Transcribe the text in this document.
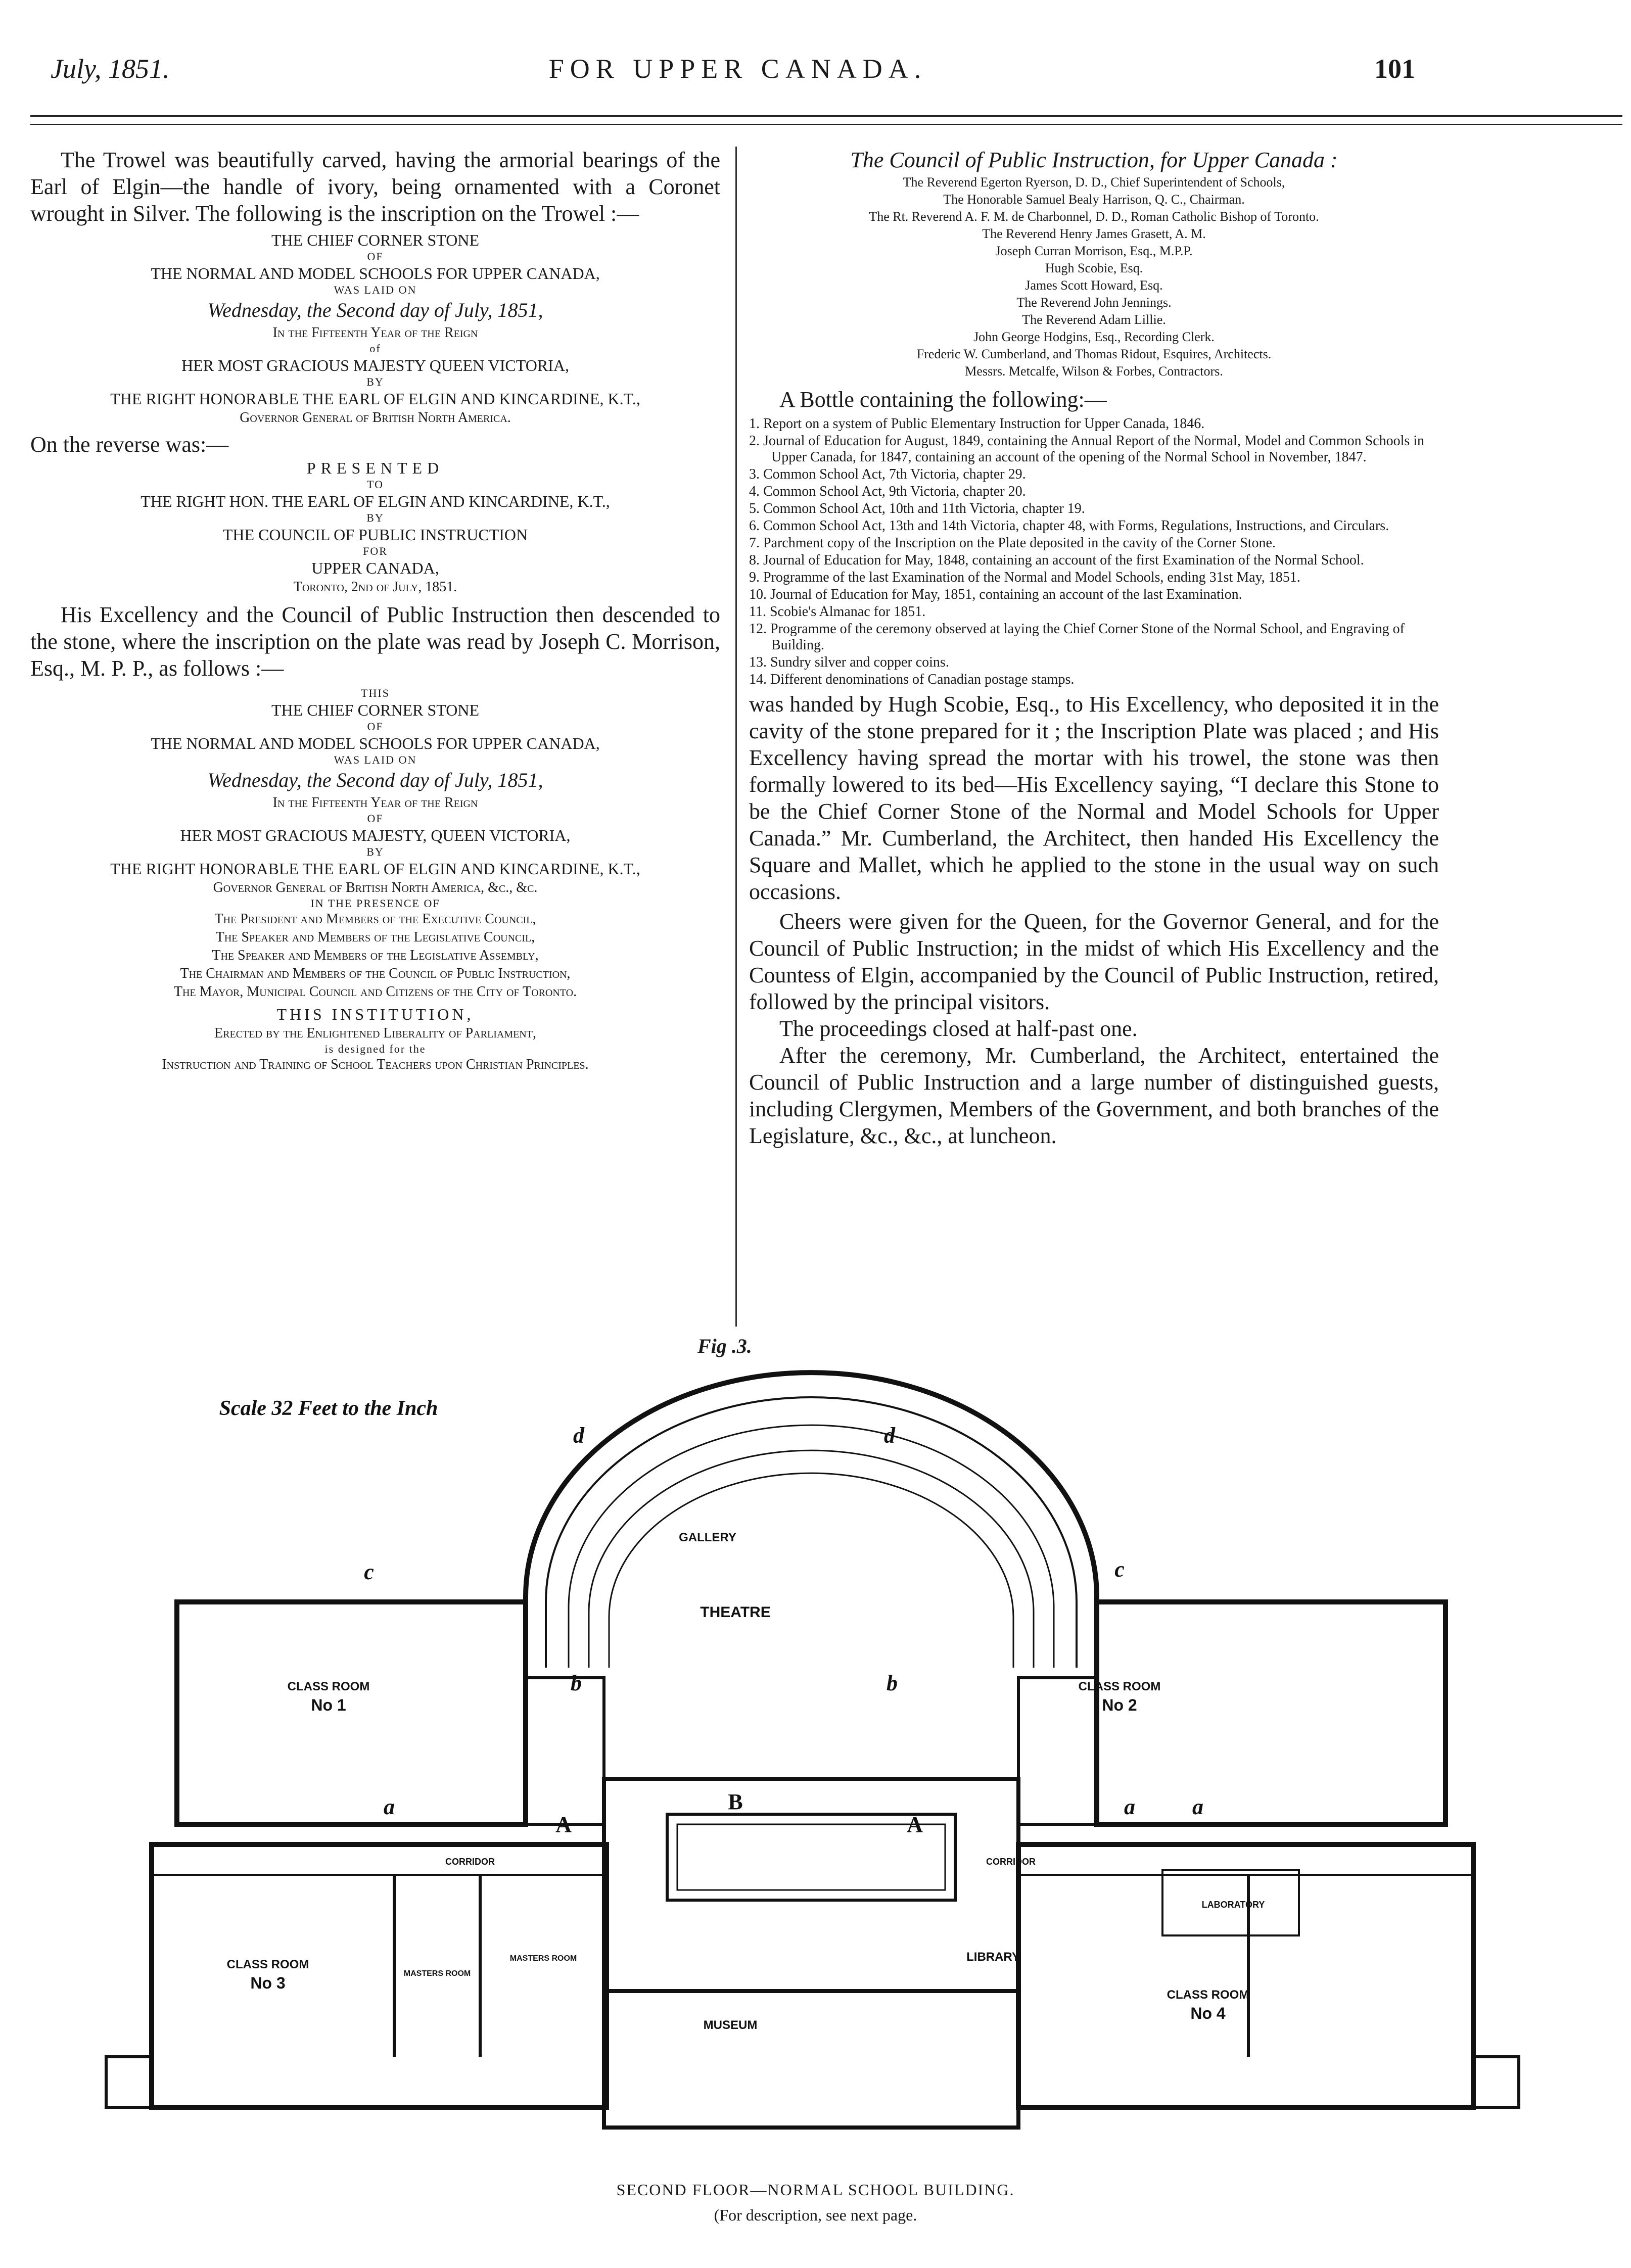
July, 1851.	FOR UPPER CANADA.	101

The Trowel was beautifully carved, having the armorial bearings of the Earl of Elgin—the handle of ivory, being ornamented with a Coronet wrought in Silver. The following is the inscription on the Trowel :—

THE CHIEF CORNER STONE
OF
THE NORMAL AND MODEL SCHOOLS FOR UPPER CANADA,
WAS LAID ON
Wednesday, the Second day of July, 1851,
In the Fifteenth Year of the Reign
of
HER MOST GRACIOUS MAJESTY QUEEN VICTORIA,
BY
THE RIGHT HONORABLE THE EARL OF ELGIN AND KINCARDINE, K.T.,
Governor General of British North America.

On the reverse was:—

PRESENTED
TO
THE RIGHT HON. THE EARL OF ELGIN AND KINCARDINE, K.T.,
BY
THE COUNCIL OF PUBLIC INSTRUCTION
FOR
UPPER CANADA,
Toronto, 2nd of July, 1851.

His Excellency and the Council of Public Instruction then descended to the stone, where the inscription on the plate was read by Joseph C. Morrison, Esq., M. P. P., as follows :—

THIS
THE CHIEF CORNER STONE
OF
THE NORMAL AND MODEL SCHOOLS FOR UPPER CANADA,
WAS LAID ON
Wednesday, the Second day of July, 1851,
In the Fifteenth Year of the Reign
OF
HER MOST GRACIOUS MAJESTY, QUEEN VICTORIA,
BY
THE RIGHT HONORABLE THE EARL OF ELGIN AND KINCARDINE, K.T.,
Governor General of British North America, &c., &c.
IN THE PRESENCE OF
The President and Members of the Executive Council,
The Speaker and Members of the Legislative Council,
The Speaker and Members of the Legislative Assembly,
The Chairman and Members of the Council of Public Instruction,
The Mayor, Municipal Council and Citizens of the City of Toronto.
THIS INSTITUTION,
Erected by the Enlightened Liberality of Parliament,
is designed for the
Instruction and Training of School Teachers upon Christian Principles.
The Council of Public Instruction, for Upper Canada :
The Reverend Egerton Ryerson, D. D., Chief Superintendent of Schools,
The Honorable Samuel Bealy Harrison, Q. C., Chairman.
The Rt. Reverend A. F. M. de Charbonnel, D. D., Roman Catholic Bishop of Toronto.
The Reverend Henry James Grasett, A. M.
Joseph Curran Morrison, Esq., M.P.P.
Hugh Scobie, Esq.
James Scott Howard, Esq.
The Reverend John Jennings.
The Reverend Adam Lillie.
John George Hodgins, Esq., Recording Clerk.
Frederic W. Cumberland, and Thomas Ridout, Esquires, Architects.
Messrs. Metcalfe, Wilson & Forbes, Contractors.

A Bottle containing the following:—

1. Report on a system of Public Elementary Instruction for Upper Canada, 1846.
2. Journal of Education for August, 1849, containing the Annual Report of the Normal, Model and Common Schools in Upper Canada, for 1847, containing an account of the opening of the Normal School in November, 1847.
3. Common School Act, 7th Victoria, chapter 29.
4. Common School Act, 9th Victoria, chapter 20.
5. Common School Act, 10th and 11th Victoria, chapter 19.
6. Common School Act, 13th and 14th Victoria, chapter 48, with Forms, Regulations, Instructions, and Circulars.
7. Parchment copy of the Inscription on the Plate deposited in the cavity of the Corner Stone.
8. Journal of Education for May, 1848, containing an account of the first Examination of the Normal School.
9. Programme of the last Examination of the Normal and Model Schools, ending 31st May, 1851.
10. Journal of Education for May, 1851, containing an account of the last Examination.
11. Scobie's Almanac for 1851.
12. Programme of the ceremony observed at laying the Chief Corner Stone of the Normal School, and Engraving of Building.
13. Sundry silver and copper coins.
14. Different denominations of Canadian postage stamps.

was handed by Hugh Scobie, Esq., to His Excellency, who deposited it in the cavity of the stone prepared for it ; the Inscription Plate was placed ; and His Excellency having spread the mortar with his trowel, the stone was then formally lowered to its bed—His Excellency saying, “I declare this Stone to be the Chief Corner Stone of the Normal and Model Schools for Upper Canada.” Mr. Cumberland, the Architect, then handed His Excellency the Square and Mallet, which he applied to the stone in the usual way on such occasions.

Cheers were given for the Queen, for the Governor General, and for the Council of Public Instruction; in the midst of which His Excellency and the Countess of Elgin, accompanied by the Council of Public Instruction, retired, followed by the principal visitors.

The proceedings closed at half-past one.

After the ceremony, Mr. Cumberland, the Architect, entertained the Council of Public Instruction and a large number of distinguished guests, including Clergymen, Members of the Government, and both branches of the Legislature, &c., &c., at luncheon.

Fig .3.
Scale 32 Feet to the Inch
GALLERY
THEATRE
CLASS ROOM
No 1
CLASS ROOM
No 2
CLASS ROOM
No 3
CLASS ROOM
No 4
CORRIDOR	CORRIDOR
LABORATORY
LIBRARY
MUSEUM
MASTERS ROOM
MASTERS ROOM
d	d
c	c
b	b
a	a	a
A	A
B
SECOND FLOOR—NORMAL SCHOOL BUILDING.
(For description, see next page.
